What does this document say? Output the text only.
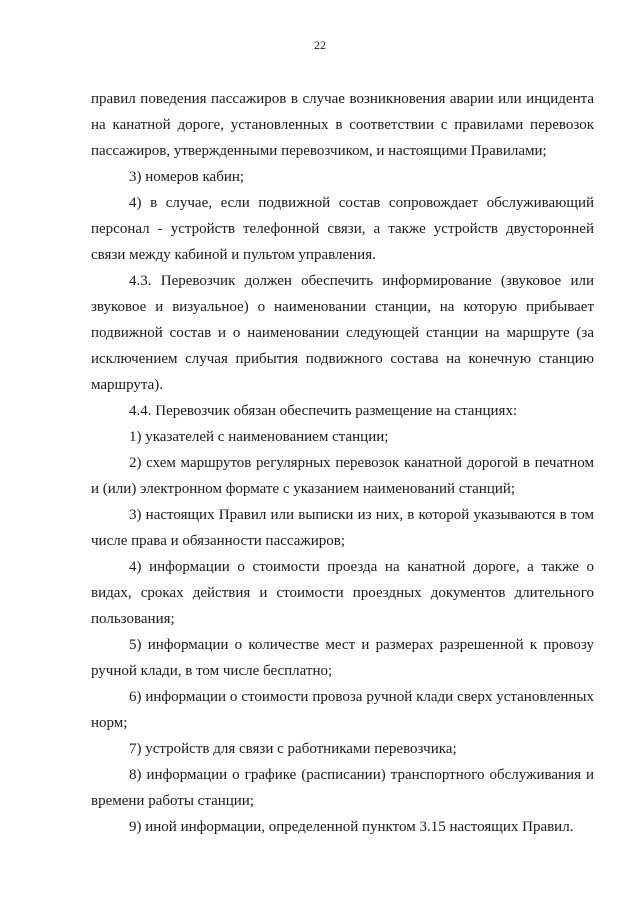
22

правил поведения пассажиров в случае возникновения аварии или инцидента на канатной дороге, установленных в соответствии с правилами перевозок пассажиров, утвержденными перевозчиком, и настоящими Правилами;

3) номеров кабин;

4) в случае, если подвижной состав сопровождает обслуживающий персонал - устройств телефонной связи, а также устройств двусторонней связи между кабиной и пультом управления.

4.3. Перевозчик должен обеспечить информирование (звуковое или звуковое и визуальное) о наименовании станции, на которую прибывает подвижной состав и о наименовании следующей станции на маршруте (за исключением случая прибытия подвижного состава на конечную станцию маршрута).

4.4. Перевозчик обязан обеспечить размещение на станциях:

1) указателей с наименованием станции;

2) схем маршрутов регулярных перевозок канатной дорогой в печатном и (или) электронном формате с указанием наименований станций;

3) настоящих Правил или выписки из них, в которой указываются в том числе права и обязанности пассажиров;

4) информации о стоимости проезда на канатной дороге, а также о видах, сроках действия и стоимости проездных документов длительного пользования;

5) информации о количестве мест и размерах разрешенной к провозу ручной клади, в том числе бесплатно;

6) информации о стоимости провоза ручной клади сверх установленных норм;

7) устройств для связи с работниками перевозчика;

8) информации о графике (расписании) транспортного обслуживания и времени работы станции;

9) иной информации, определенной пунктом 3.15 настоящих Правил.
